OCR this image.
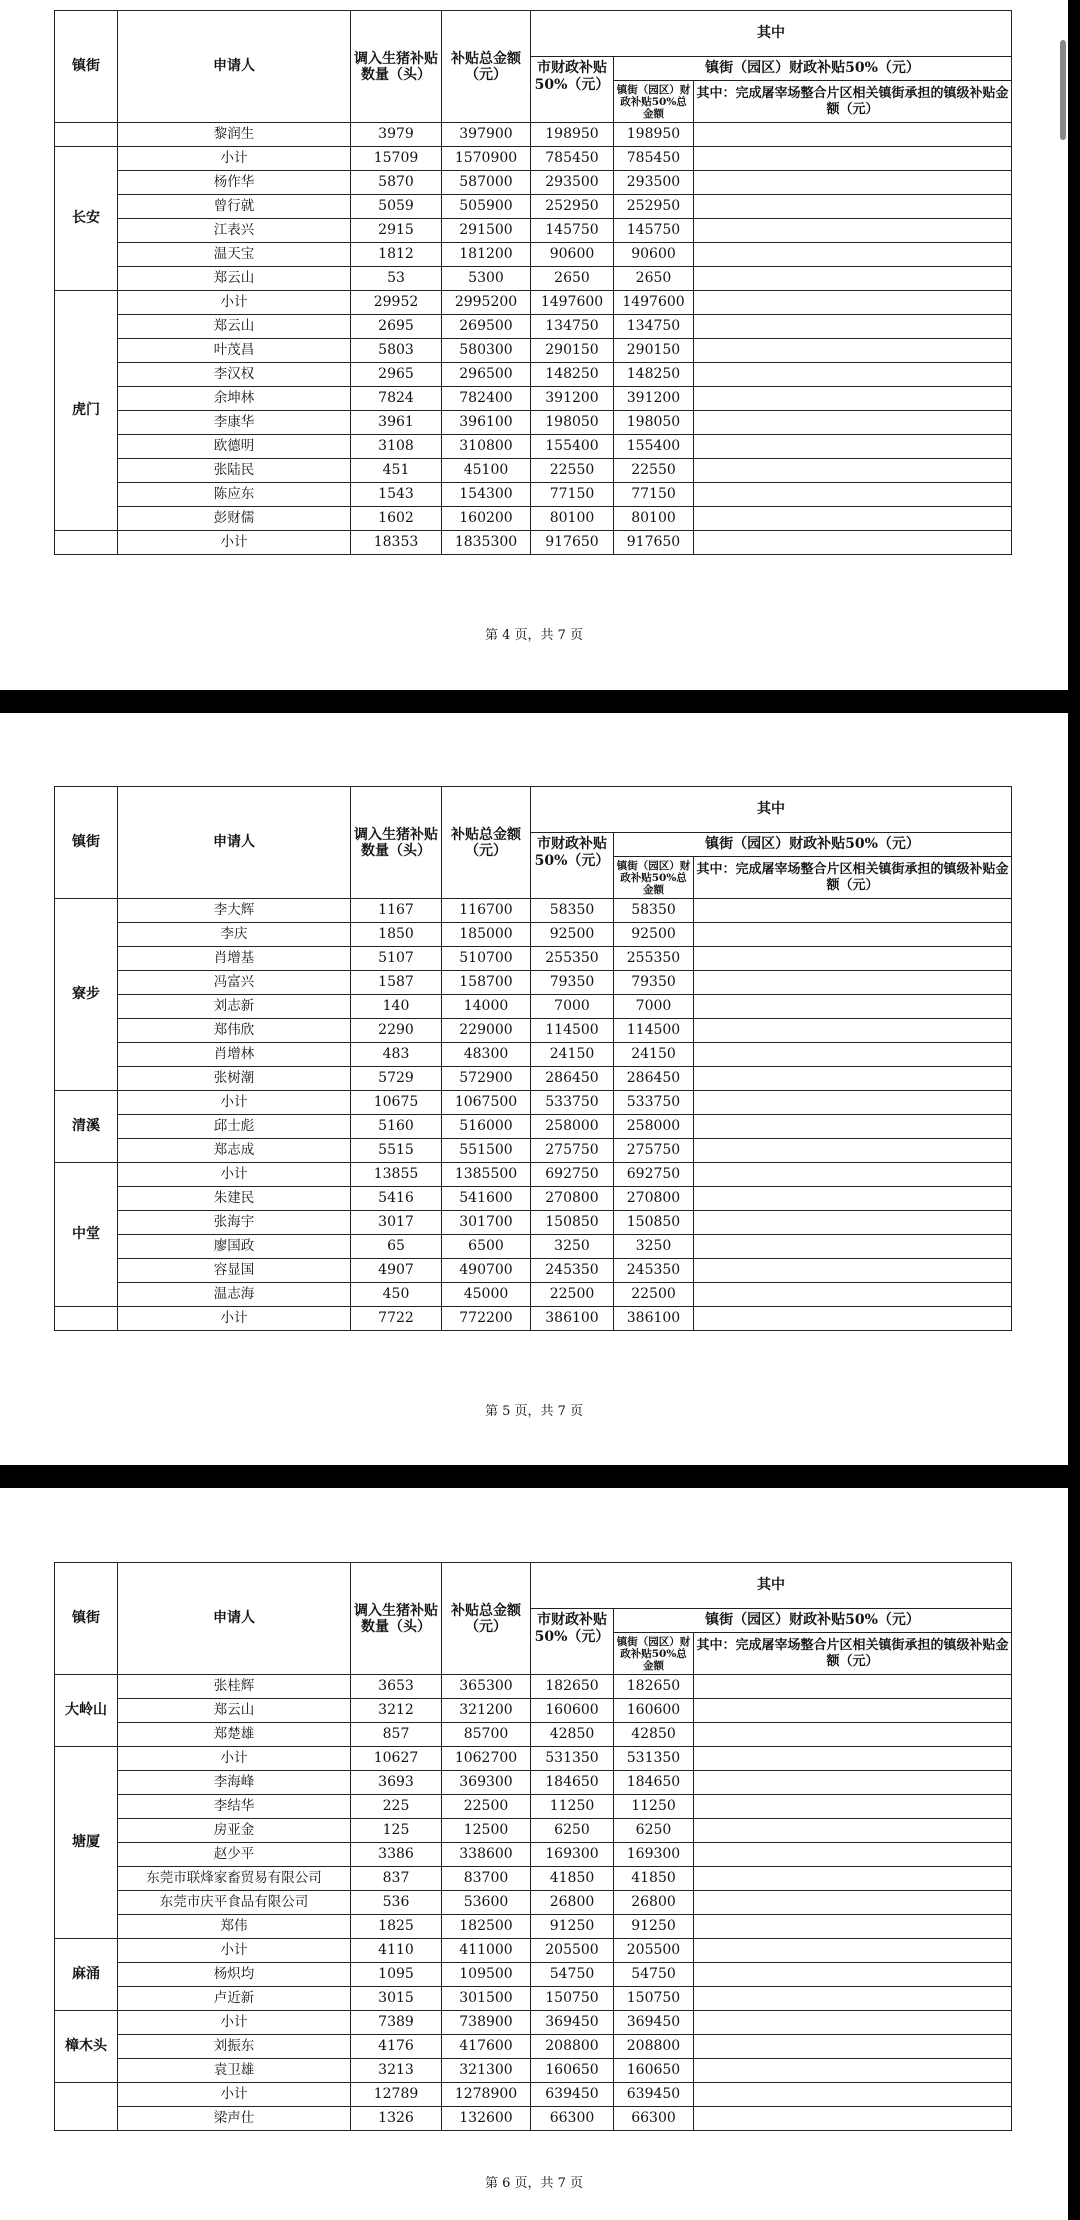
镇街	申请人	调入生猪补贴数量（头）	补贴总金额（元）	其中		
				市财政补贴50%（元）	镇街（园区）财政补贴50%（元）	
					镇街（园区）财政补贴50%总金额	其中：完成屠宰场整合片区相关镇街承担的镇级补贴金额（元）
	黎润生	3979	397900	198950	198950	
长安	小计	15709	1570900	785450	785450	
	杨作华	5870	587000	293500	293500	
	曾行就	5059	505900	252950	252950	
	江表兴	2915	291500	145750	145750	
	温天宝	1812	181200	90600	90600	
	郑云山	53	5300	2650	2650	
虎门	小计	29952	2995200	1497600	1497600	
	郑云山	2695	269500	134750	134750	
	叶茂昌	5803	580300	290150	290150	
	李汉权	2965	296500	148250	148250	
	余坤林	7824	782400	391200	391200	
	李康华	3961	396100	198050	198050	
	欧德明	3108	310800	155400	155400	
	张陆民	451	45100	22550	22550	
	陈应东	1543	154300	77150	77150	
	彭财儒	1602	160200	80100	80100	
	小计	18353	1835300	917650	917650	
第 4 页，共 7 页
镇街	申请人	调入生猪补贴数量（头）	补贴总金额（元）	其中		
				市财政补贴50%（元）	镇街（园区）财政补贴50%（元）	
					镇街（园区）财政补贴50%总金额	其中：完成屠宰场整合片区相关镇街承担的镇级补贴金额（元）
寮步	李大辉	1167	116700	58350	58350	
	李庆	1850	185000	92500	92500	
	肖增基	5107	510700	255350	255350	
	冯富兴	1587	158700	79350	79350	
	刘志新	140	14000	7000	7000	
	郑伟欣	2290	229000	114500	114500	
	肖增林	483	48300	24150	24150	
	张树潮	5729	572900	286450	286450	
清溪	小计	10675	1067500	533750	533750	
	邱士彪	5160	516000	258000	258000	
	郑志成	5515	551500	275750	275750	
中堂	小计	13855	1385500	692750	692750	
	朱建民	5416	541600	270800	270800	
	张海宇	3017	301700	150850	150850	
	廖国政	65	6500	3250	3250	
	容显国	4907	490700	245350	245350	
	温志海	450	45000	22500	22500	
	小计	7722	772200	386100	386100	
第 5 页，共 7 页
镇街	申请人	调入生猪补贴数量（头）	补贴总金额（元）	其中		
				市财政补贴50%（元）	镇街（园区）财政补贴50%（元）	
					镇街（园区）财政补贴50%总金额	其中：完成屠宰场整合片区相关镇街承担的镇级补贴金额（元）
大岭山	张桂辉	3653	365300	182650	182650	
	郑云山	3212	321200	160600	160600	
	郑楚雄	857	85700	42850	42850	
塘厦	小计	10627	1062700	531350	531350	
	李海峰	3693	369300	184650	184650	
	李结华	225	22500	11250	11250	
	房亚金	125	12500	6250	6250	
	赵少平	3386	338600	169300	169300	
	东莞市联烽家畜贸易有限公司	837	83700	41850	41850	
	东莞市庆平食品有限公司	536	53600	26800	26800	
	郑伟	1825	182500	91250	91250	
麻涌	小计	4110	411000	205500	205500	
	杨炽均	1095	109500	54750	54750	
	卢近新	3015	301500	150750	150750	
樟木头	小计	7389	738900	369450	369450	
	刘振东	4176	417600	208800	208800	
	袁卫雄	3213	321300	160650	160650	
	小计	12789	1278900	639450	639450	
	梁声仕	1326	132600	66300	66300	
第 6 页，共 7 页
